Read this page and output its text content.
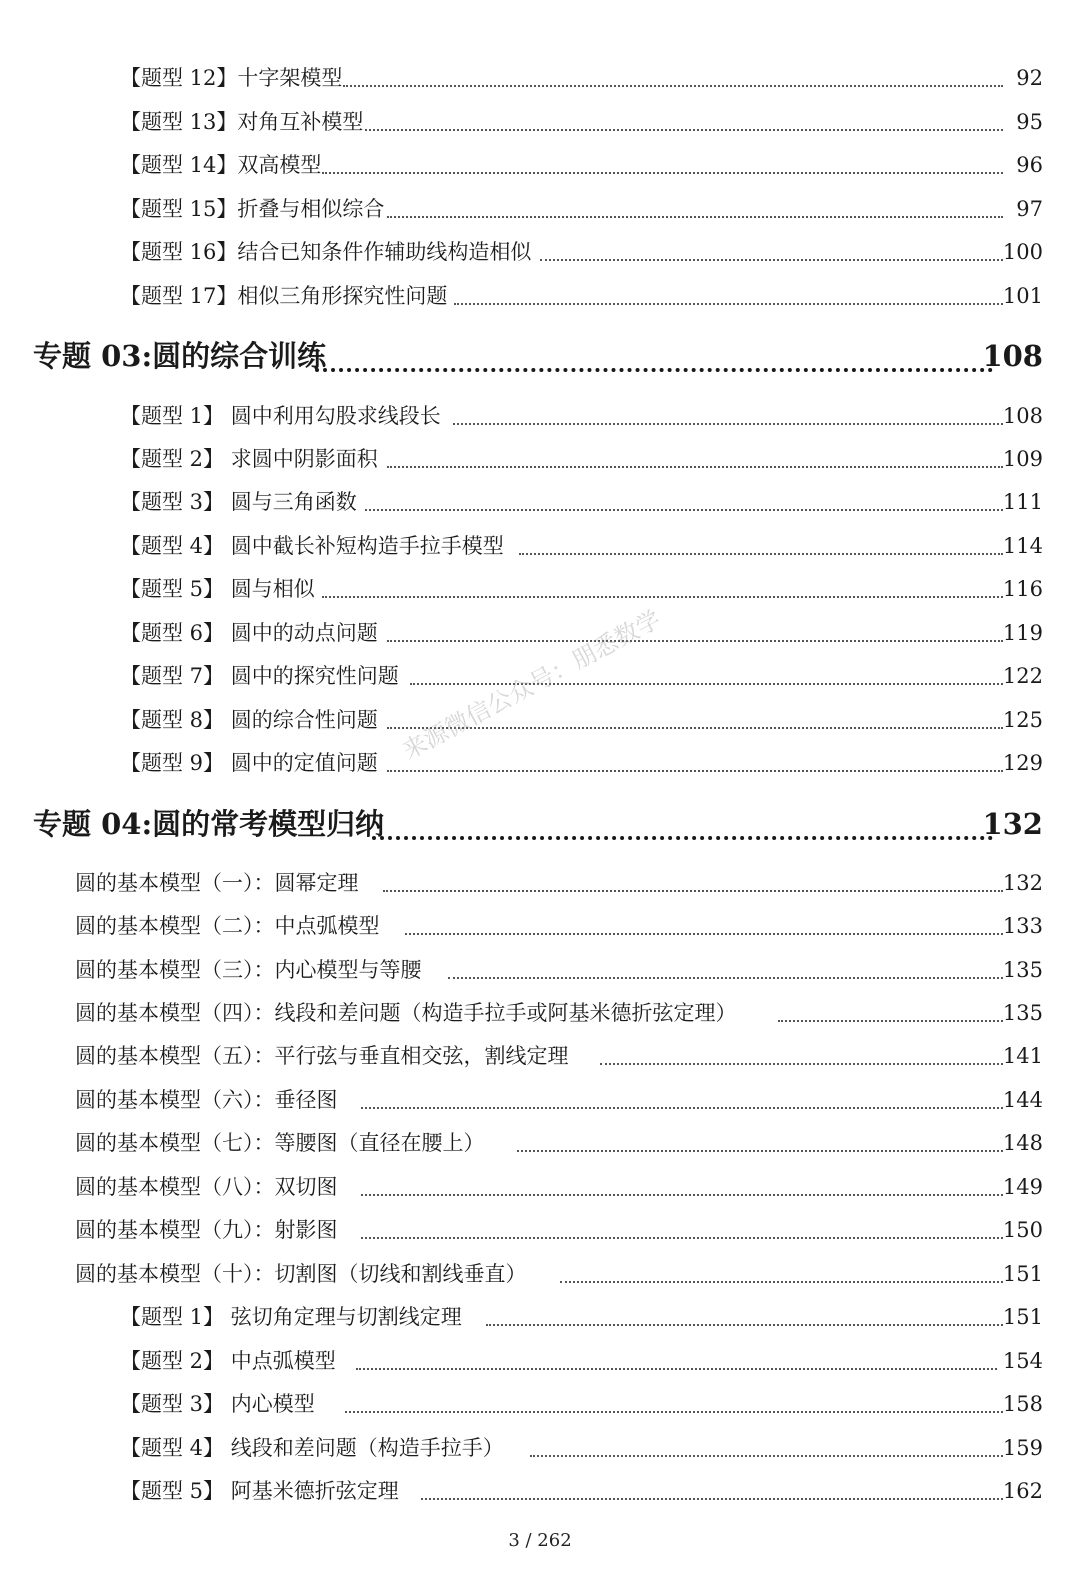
【题型 12】十字架模型	92
【题型 13】对角互补模型	95
【题型 14】双高模型	96
【题型 15】折叠与相似综合	97
【题型 16】结合已知条件作辅助线构造相似	100
【题型 17】相似三角形探究性问题	101
专题 03:圆的综合训练	108
【题型 1】 圆中利用勾股求线段长	108
【题型 2】 求圆中阴影面积	109
【题型 3】 圆与三角函数	111
【题型 4】 圆中截长补短构造手拉手模型	114
【题型 5】 圆与相似	116
【题型 6】 圆中的动点问题	119
【题型 7】 圆中的探究性问题	122
【题型 8】 圆的综合性问题	125
【题型 9】 圆中的定值问题	129
专题 04:圆的常考模型归纳	132
圆的基本模型（一）：圆幂定理	132
圆的基本模型（二）：中点弧模型	133
圆的基本模型（三）：内心模型与等腰	135
圆的基本模型（四）：线段和差问题（构造手拉手或阿基米德折弦定理）	135
圆的基本模型（五）：平行弦与垂直相交弦，割线定理	141
圆的基本模型（六）：垂径图	144
圆的基本模型（七）：等腰图（直径在腰上）	148
圆的基本模型（八）：双切图	149
圆的基本模型（九）：射影图	150
圆的基本模型（十）：切割图（切线和割线垂直）	151
【题型 1】 弦切角定理与切割线定理	151
【题型 2】 中点弧模型	154
【题型 3】 内心模型	158
【题型 4】 线段和差问题（构造手拉手）	159
【题型 5】 阿基米德折弦定理	162
来源微信公众号：朋悉数学
3 / 262
